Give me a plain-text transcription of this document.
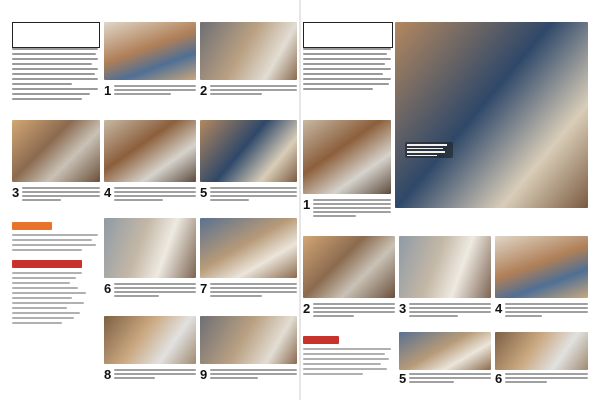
1	2
3	4	5
6	7
8	9
1
2	3	4
5	6
